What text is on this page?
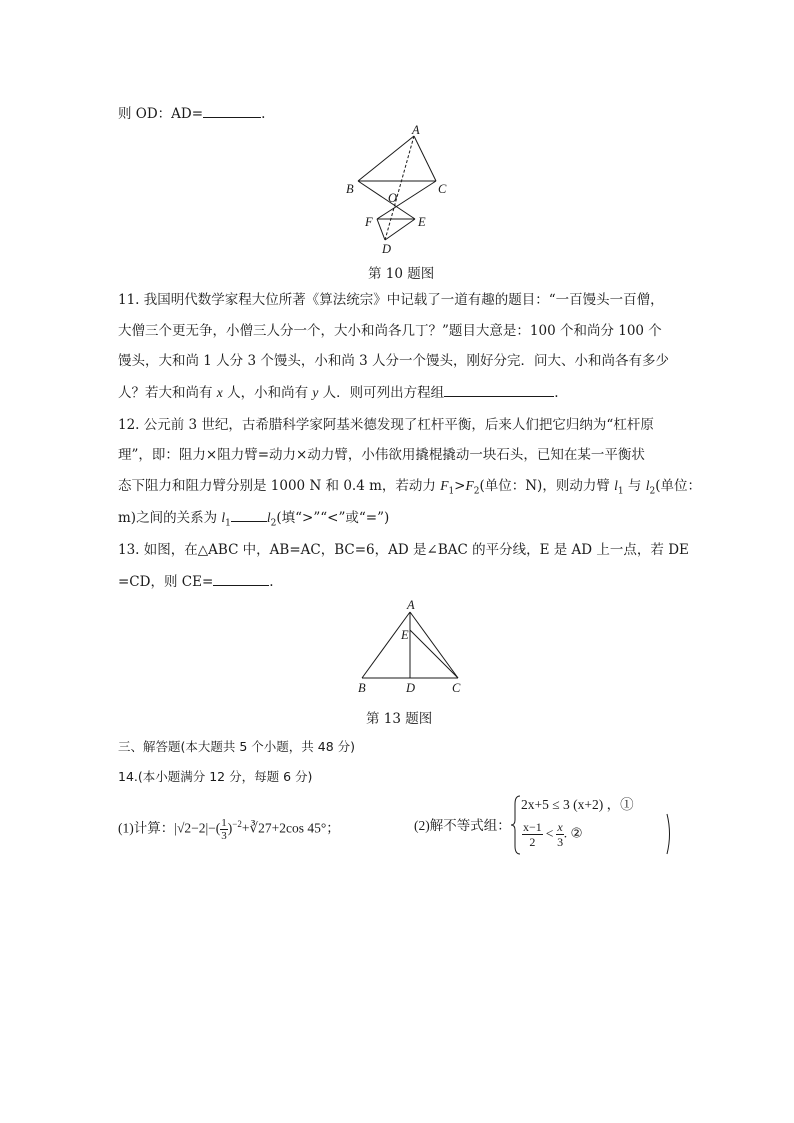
则 OD：AD=	.
A
B	C
O
F	E
D
第 10 题图
11. 我国明代数学家程大位所著《算法统宗》中记载了一道有趣的题目：“一百馒头一百僧，
大僧三个更无争，小僧三人分一个，大小和尚各几丁？”题目大意是：100 个和尚分 100 个
馒头，大和尚 1 人分 3 个馒头，小和尚 3 人分一个馒头，刚好分完．问大、小和尚各有多少
人？若大和尚有 x 人，小和尚有 y 人．则可列出方程组	.
12. 公元前 3 世纪，古希腊科学家阿基米德发现了杠杆平衡，后来人们把它归纳为“杠杆原
理”，即：阻力×阻力臂=动力×动力臂，小伟欲用撬棍撬动一块石头，已知在某一平衡状
态下阻力和阻力臂分别是 1000 N 和 0.4 m，若动力 $F_1>F_2$(单位：N)，则动力臂 $l_1$ 与 $l_2$(单位：
m)之间的关系为 $l_1$	$l_2$(填“>”“<”或“=”)
13. 如图，在△ABC 中，AB=AC，BC=6，AD 是∠BAC 的平分线，E 是 AD 上一点，若 DE
=CD，则 CE=	.
A
E
B	D	C
第 13 题图
三、解答题(本大题共 5 个小题，共 48 分)
14.(本小题满分 12 分，每题 6 分)
(1)计算：$|√2-2|-( \frac{1}{3}$ )$^{-2}+∛27+2\cos$ 45°；	(2)解不等式组：
2x+5 ≤ 3 (x+2) ，①
$\frac{x-1}{2} < \frac{x}{3}$ . ②
